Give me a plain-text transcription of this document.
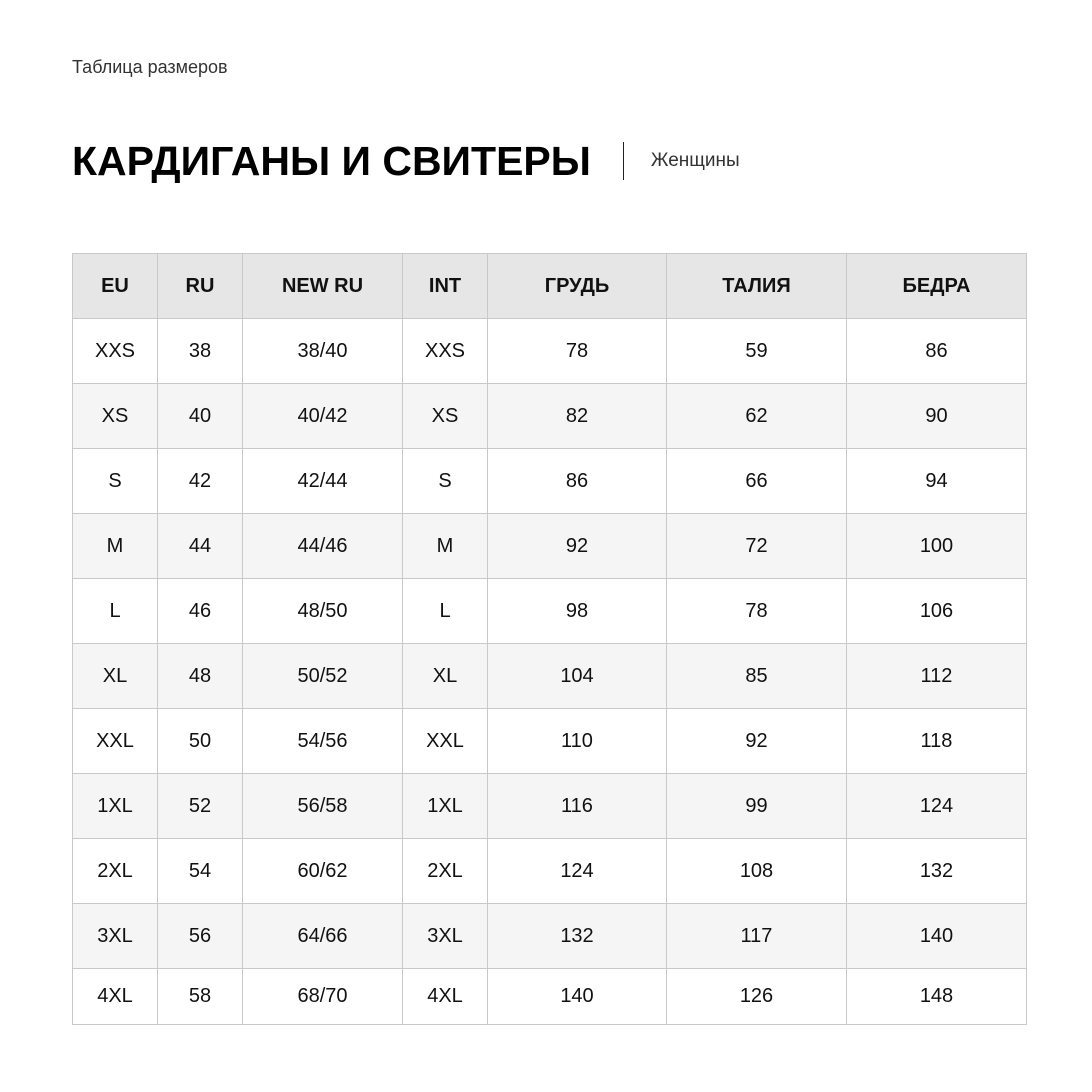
Таблица размеров
КАРДИГАНЫ И СВИТЕРЫ	Женщины
EU	RU	NEW RU	INT	ГРУДЬ	ТАЛИЯ	БЕДРА
XXS	38	38/40	XXS	78	59	86
XS	40	40/42	XS	82	62	90
S	42	42/44	S	86	66	94
M	44	44/46	M	92	72	100
L	46	48/50	L	98	78	106
XL	48	50/52	XL	104	85	112
XXL	50	54/56	XXL	110	92	118
1XL	52	56/58	1XL	116	99	124
2XL	54	60/62	2XL	124	108	132
3XL	56	64/66	3XL	132	117	140
4XL	58	68/70	4XL	140	126	148
